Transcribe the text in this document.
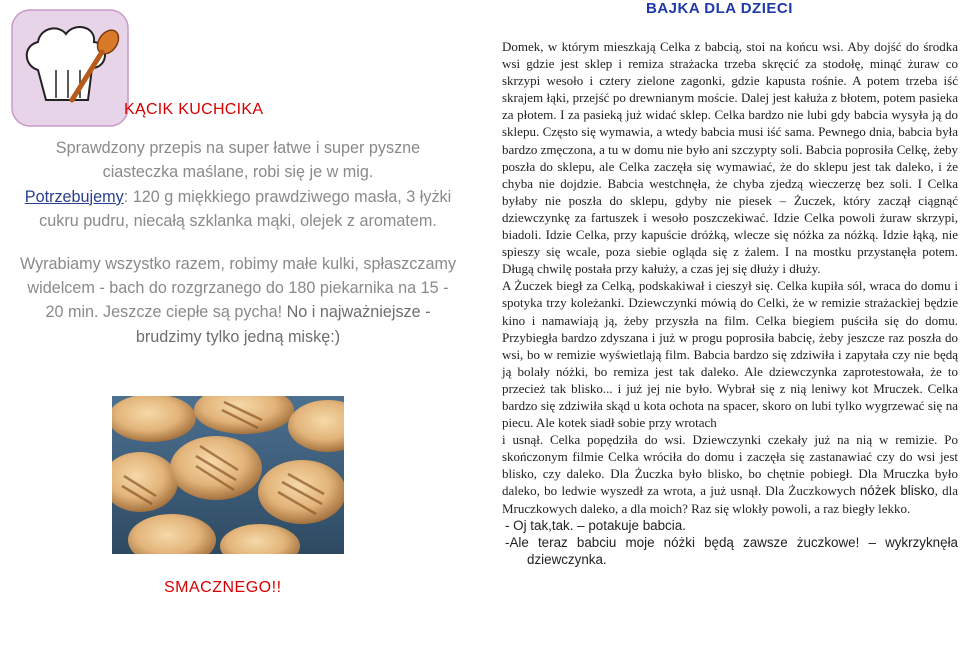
KĄCIK KUCHCIKA

Sprawdzony przepis na super łatwe i super pyszne ciasteczka maślane, robi się je w mig.

Potrzebujemy: 120 g miękkiego prawdziwego masła, 3 łyżki cukru pudru, niecałą szklanka mąki, olejek z aromatem.

Wyrabiamy wszystko razem, robimy małe kulki, spłaszczamy widelcem - bach do rozgrzanego do 180 piekarnika na 15 - 20 min. Jeszcze ciepłe są pycha! No i najważniejsze - brudzimy tylko jedną miskę:)

SMACZNEGO!!
BAJKA DLA DZIECI

Domek, w którym mieszkają Celka z babcią, stoi na końcu wsi. Aby dojść do środka wsi gdzie jest sklep i remiza strażacka trzeba skręcić za stodołę, minąć żuraw co skrzypi wesoło i cztery zielone zagonki, gdzie kapusta rośnie. A potem trzeba iść skrajem łąki, przejść po drewnianym moście. Dalej jest kałuża z błotem, potem pasieka za płotem. I za pasieką już widać sklep. Celka bardzo nie lubi gdy babcia wysyła ją do sklepu. Często się wymawia, a wtedy babcia musi iść sama. Pewnego dnia, babcia była bardzo zmęczona, a tu w domu nie było ani szczypty soli. Babcia poprosiła Celkę, żeby poszła do sklepu, ale Celka zaczęła się wymawiać, że do sklepu jest tak daleko, i że chyba nie dojdzie. Babcia westchnęła, że chyba zjedzą wieczerzę bez soli. I Celka byłaby nie poszła do sklepu, gdyby nie piesek – Żuczek, który zaczął ciągnąć dziewczynkę za fartuszek i wesoło poszczekiwać. Idzie Celka powoli żuraw skrzypi, biadoli. Idzie Celka, przy kapuście dróżką, wlecze się nóżka za nóżką. Idzie łąką, nie spieszy się wcale, poza siebie ogląda się z żalem. I na mostku przystanęła potem. Długą chwilę postała przy kałuży, a czas jej się dłuży i dłuży.

A Żuczek biegł za Celką, podskakiwał i cieszył się. Celka kupiła sól, wraca do domu i spotyka trzy koleżanki. Dziewczynki mówią do Celki, że w remizie strażackiej będzie kino i namawiają ją, żeby przyszła na film. Celka biegiem puściła się do domu. Przybiegła bardzo zdyszana i już w progu poprosiła babcię, żeby jeszcze raz poszła do wsi, bo w remizie wyświetlają film. Babcia bardzo się zdziwiła i zapytała czy nie będą ją bolały nóżki, bo remiza jest tak daleko. Ale dziewczynka zaprotestowała, że to przecież tak blisko... i już jej nie było. Wybrał się z nią leniwy kot Mruczek. Celka bardzo się zdziwiła skąd u kota ochota na spacer, skoro on lubi tylko wygrzewać się na piecu. Ale kotek siadł sobie przy wrotach

i usnął. Celka popędziła do wsi. Dziewczynki czekały już na nią w remizie. Po skończonym filmie Celka wróciła do domu i zaczęła się zastanawiać czy do wsi jest blisko, czy daleko. Dla Żuczka było blisko, bo chętnie pobiegł. Dla Mruczka było daleko, bo ledwie wyszedł za wrota, a już usnął. Dla Żuczkowych nóżek blisko, dla Mruczkowych daleko, a dla moich? Raz się wlokły powoli, a raz biegły lekko.

- Oj tak,tak. – potakuje babcia.

-Ale teraz babciu moje nóżki będą zawsze żuczkowe! – wykrzyknęła dziewczynka.
